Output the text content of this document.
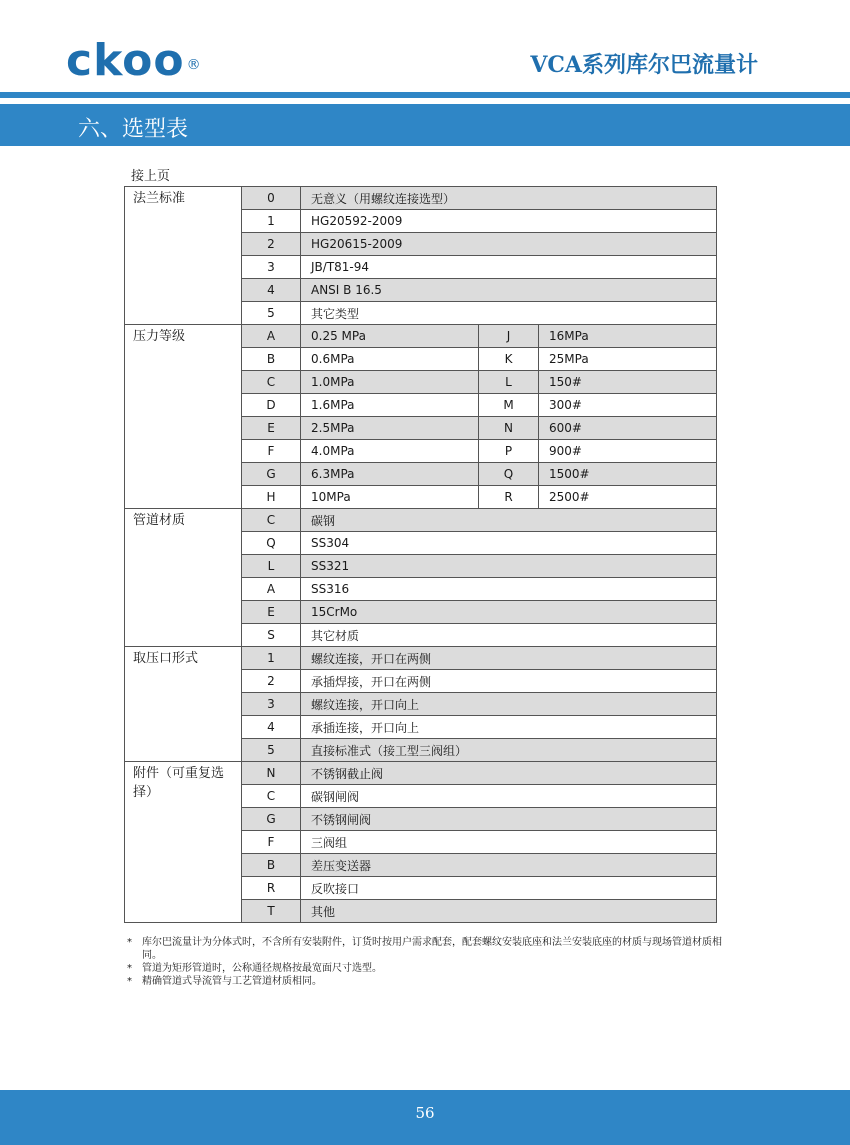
ckoo ®	VCA系列库尔巴流量计
六、选型表
接上页
法兰标准	0	无意义（用螺纹连接选型）		
	1	HG20592-2009		
	2	HG20615-2009		
	3	JB/T81-94		
	4	ANSI B 16.5		
	5	其它类型		
压力等级	A	0.25 MPa	J	16MPa
	B	0.6MPa	K	25MPa
	C	1.0MPa	L	150#
	D	1.6MPa	M	300#
	E	2.5MPa	N	600#
	F	4.0MPa	P	900#
	G	6.3MPa	Q	1500#
	H	10MPa	R	2500#
管道材质	C	碳钢		
	Q	SS304		
	L	SS321		
	A	SS316		
	E	15CrMo		
	S	其它材质		
取压口形式	1	螺纹连接，开口在两侧		
	2	承插焊接，开口在两侧		
	3	螺纹连接，开口向上		
	4	承插连接，开口向上		
	5	直接标准式（接工型三阀组）		
附件（可重复选择）	N	不锈钢截止阀		
	C	碳钢闸阀		
	G	不锈钢闸阀		
	F	三阀组		
	B	差压变送器		
	R	反吹接口		
	T	其他		
* 库尔巴流量计为分体式时，不含所有安装附件，订货时按用户需求配套，配套螺纹安装底座和法兰安装底座的材质与现场管道材质相同。
* 管道为矩形管道时，公称通径规格按最宽面尺寸选型。
* 精确管道式导流管与工艺管道材质相同。
56
